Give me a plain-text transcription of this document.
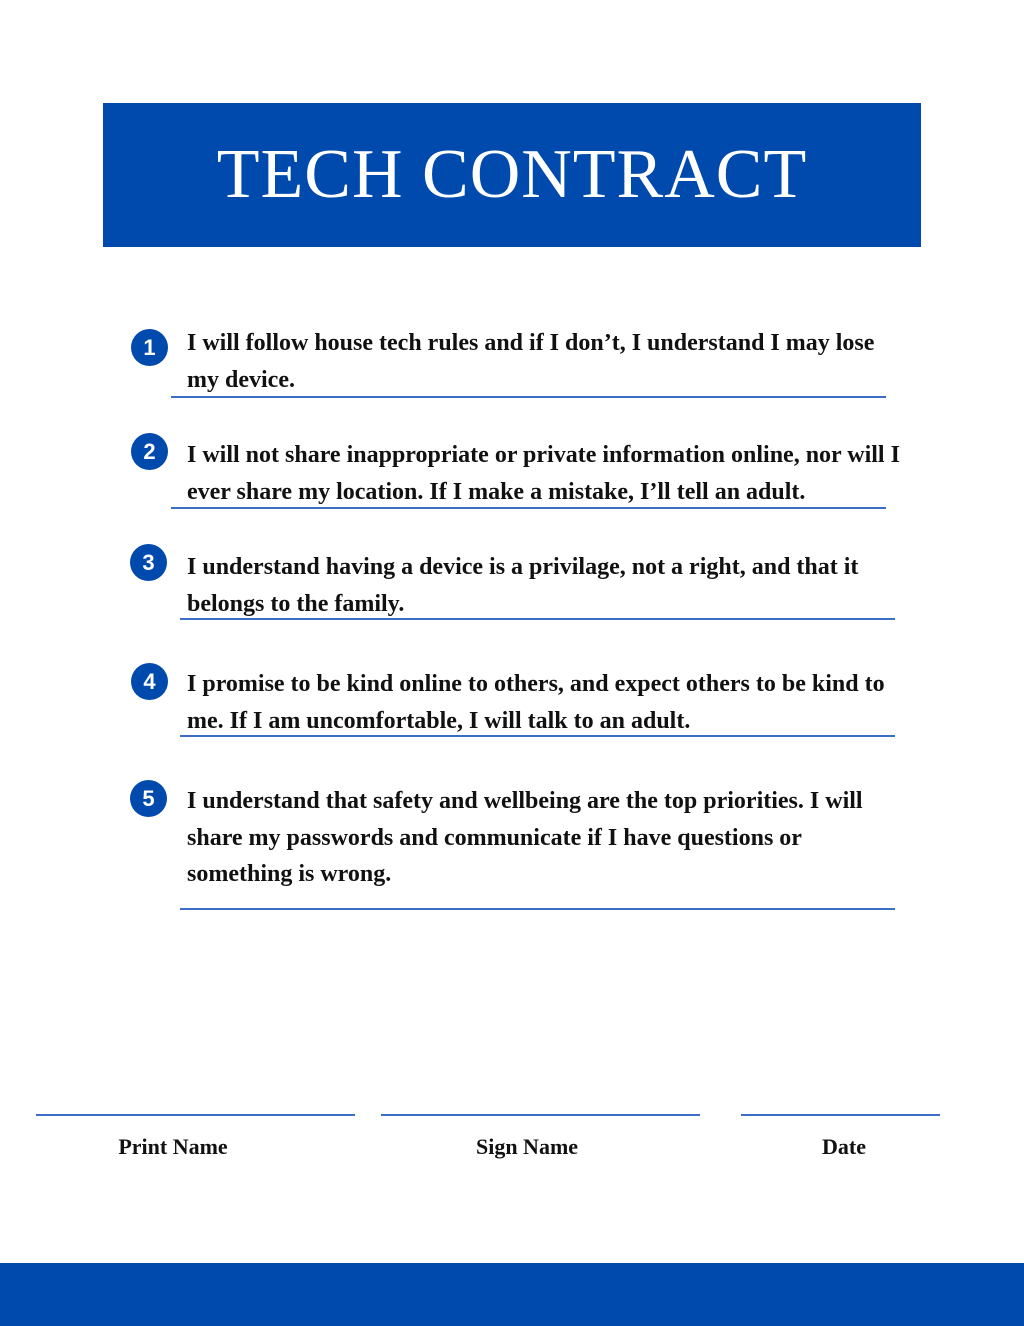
TECH CONTRACT
1	I will follow house tech rules and if I don’t, I understand I may lose my device.
2	I will not share inappropriate or private information online, nor will I ever share my location. If I make a mistake, I’ll tell an adult.
3	I understand having a device is a privilage, not a right, and that it belongs to the family.
4	I promise to be kind online to others, and expect others to be kind to me. If I am uncomfortable, I will talk to an adult.
5	I understand that safety and wellbeing are the top priorities. I will share my passwords and communicate if I have questions or something is wrong.
Print Name	Sign Name	Date
